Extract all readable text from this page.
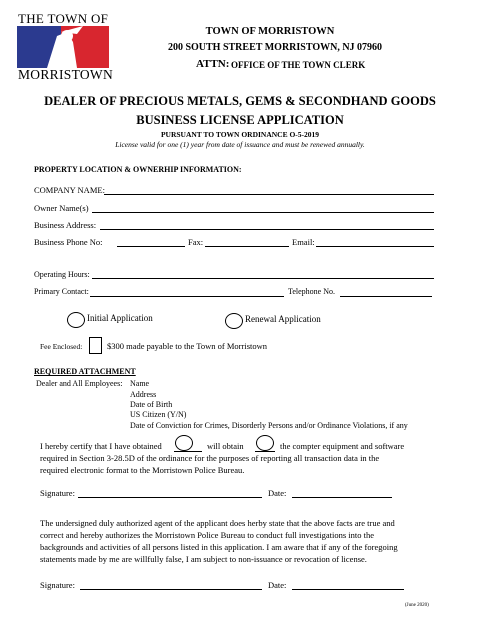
THE TOWN OF
MORRISTOWN
TOWN OF MORRISTOWN
200 SOUTH STREET MORRISTOWN, NJ 07960
ATTN: OFFICE OF THE TOWN CLERK
DEALER OF PRECIOUS METALS, GEMS & SECONDHAND GOODS
BUSINESS LICENSE APPLICATION
PURSUANT TO TOWN ORDINANCE O-5-2019
License valid for one (1) year from date of issuance and must be renewed annually.
PROPERTY LOCATION & OWNERHIP INFORMATION:
COMPANY NAME:
Owner Name(s)
Business Address:
Business Phone No:	Fax:	Email:
Operating Hours:
Primary Contact:	Telephone No.
Initial Application	Renewal Application
Fee Enclosed:	$300 made payable to the Town of Morristown
REQUIRED ATTACHMENT
Dealer and All Employees: Name
Address
Date of Birth
US Citizen (Y/N)
Date of Conviction for Crimes, Disorderly Persons and/or Ordinance Violations, if any
I hereby certify that I have obtained	will obtain	the compter equipment and software
required in Section 3-28.5D of the ordinance for the purposes of reporting all transaction data in the
required electronic format to the Morristown Police Bureau.
Signature:	Date:
The undersigned duly authorized agent of the applicant does herby state that the above facts are true and
correct and hereby authorizes the Morristown Police Bureau to conduct full investigations into the
backgrounds and activities of all persons listed in this application. I am aware that if any of the foregoing
statements made by me are willfully false, I am subject to non-issuance or revocation of license.
Signature:	Date:
(June 2020)
